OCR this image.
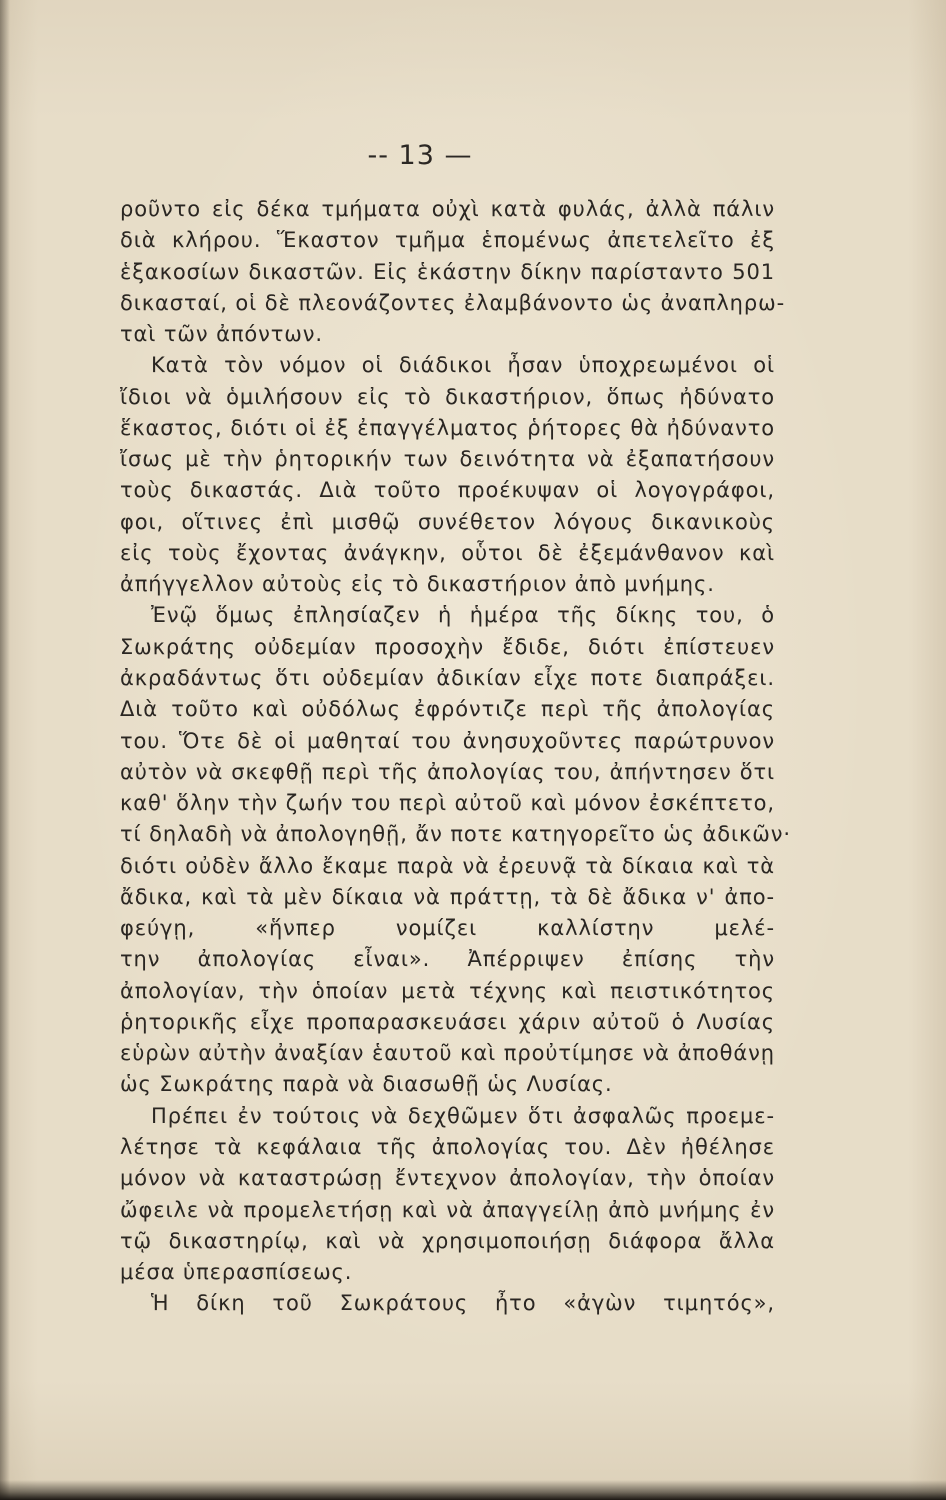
-- 13 —
ροῦντο εἰς δέκα τμήματα οὐχὶ κατὰ φυλάς, ἀλλὰ πάλιν
διὰ κλήρου. Ἕκαστον τμῆμα ἑπομένως ἀπετελεῖτο ἐξ
ἑξακοσίων δικαστῶν. Εἰς ἑκάστην δίκην παρίσταντο 501
δικασταί, οἱ δὲ πλεονάζοντες ἐλαμβάνοντο ὡς ἀναπληρω-
ταὶ τῶν ἀπόντων.
Κατὰ τὸν νόμον οἱ διάδικοι ἦσαν ὑποχρεωμένοι οἱ
ἴδιοι νὰ ὁμιλήσουν εἰς τὸ δικαστήριον, ὅπως ἠδύνατο
ἕκαστος, διότι οἱ ἐξ ἐπαγγέλματος ῥήτορες θὰ ἠδύναντο
ἴσως μὲ τὴν ῥητορικήν των δεινότητα νὰ ἐξαπατήσουν
τοὺς δικαστάς. Διὰ τοῦτο προέκυψαν οἱ λογογράφοι,
φοι, οἵτινες ἐπὶ μισθῷ συνέθετον λόγους δικανικοὺς
εἰς τοὺς ἔχοντας ἀνάγκην, οὗτοι δὲ ἐξεμάνθανον καὶ
ἀπήγγελλον αὐτοὺς εἰς τὸ δικαστήριον ἀπὸ μνήμης.
Ἐνῷ ὅμως ἐπλησίαζεν ἡ ἡμέρα τῆς δίκης του, ὁ
Σωκράτης οὐδεμίαν προσοχὴν ἔδιδε, διότι ἐπίστευεν
ἀκραδάντως ὅτι οὐδεμίαν ἀδικίαν εἶχε ποτε διαπράξει.
Διὰ τοῦτο καὶ οὐδόλως ἐφρόντιζε περὶ τῆς ἀπολογίας
του. Ὅτε δὲ οἱ μαθηταί του ἀνησυχοῦντες παρώτρυνον
αὐτὸν νὰ σκεφθῇ περὶ τῆς ἀπολογίας του, ἀπήντησεν ὅτι
καθ' ὅλην τὴν ζωήν του περὶ αὐτοῦ καὶ μόνον ἐσκέπτετο,
τί δηλαδὴ νὰ ἀπολογηθῇ, ἄν ποτε κατηγορεῖτο ὡς ἀδικῶν·
διότι οὐδὲν ἄλλο ἔκαμε παρὰ νὰ ἐρευνᾷ τὰ δίκαια καὶ τὰ
ἄδικα, καὶ τὰ μὲν δίκαια νὰ πράττῃ, τὰ δὲ ἄδικα ν' ἀπο-
φεύγῃ, «ἥνπερ νομίζει καλλίστην μελέ-
την ἀπολογίας εἶναι». Ἀπέρριψεν ἐπίσης τὴν
ἀπολογίαν, τὴν ὁποίαν μετὰ τέχνης καὶ πειστικότητος
ῥητορικῆς εἶχε προπαρασκευάσει χάριν αὐτοῦ ὁ Λυσίας
εὑρὼν αὐτὴν ἀναξίαν ἑαυτοῦ καὶ προὐτίμησε νὰ ἀποθάνῃ
ὡς Σωκράτης παρὰ νὰ διασωθῇ ὡς Λυσίας.
Πρέπει ἐν τούτοις νὰ δεχθῶμεν ὅτι ἀσφαλῶς προεμε-
λέτησε τὰ κεφάλαια τῆς ἀπολογίας του. Δὲν ἠθέλησε
μόνον νὰ καταστρώσῃ ἔντεχνον ἀπολογίαν, τὴν ὁποίαν
ὤφειλε νὰ προμελετήσῃ καὶ νὰ ἀπαγγείλῃ ἀπὸ μνήμης ἐν
τῷ δικαστηρίῳ, καὶ νὰ χρησιμοποιήσῃ διάφορα ἄλλα
μέσα ὑπερασπίσεως.
Ἡ δίκη τοῦ Σωκράτους ἦτο «ἀγὼν τιμητός»,
